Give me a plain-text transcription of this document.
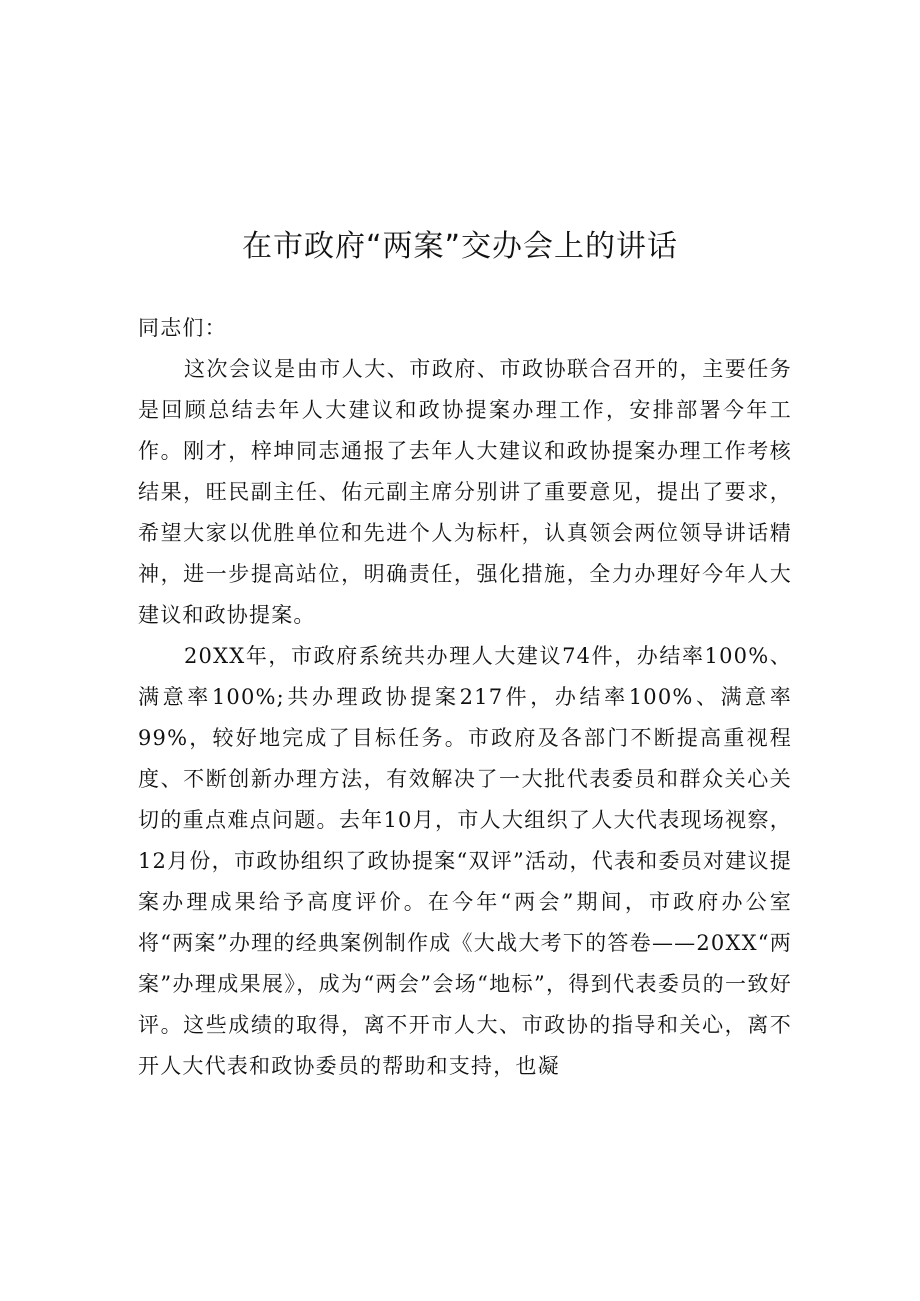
在市政府“两案”交办会上的讲话

同志们：

这次会议是由市人大、市政府、市政协联合召开的，主要任务是回顾总结去年人大建议和政协提案办理工作，安排部署今年工作。刚才，梓坤同志通报了去年人大建议和政协提案办理工作考核结果，旺民副主任、佑元副主席分别讲了重要意见，提出了要求，希望大家以优胜单位和先进个人为标杆，认真领会两位领导讲话精神，进一步提高站位，明确责任，强化措施，全力办理好今年人大建议和政协提案。

20XX年，市政府系统共办理人大建议74件，办结率100%、满意率100%;共办理政协提案217件，办结率100%、满意率99%，较好地完成了目标任务。市政府及各部门不断提高重视程度、不断创新办理方法，有效解决了一大批代表委员和群众关心关切的重点难点问题。去年10月，市人大组织了人大代表现场视察，12月份，市政协组织了政协提案“双评”活动，代表和委员对建议提案办理成果给予高度评价。在今年“两会”期间，市政府办公室将“两案”办理的经典案例制作成《大战大考下的答卷——20XX“两案”办理成果展》，成为“两会”会场“地标”，得到代表委员的一致好评。这些成绩的取得，离不开市人大、市政协的指导和关心，离不开人大代表和政协委员的帮助和支持，也凝
